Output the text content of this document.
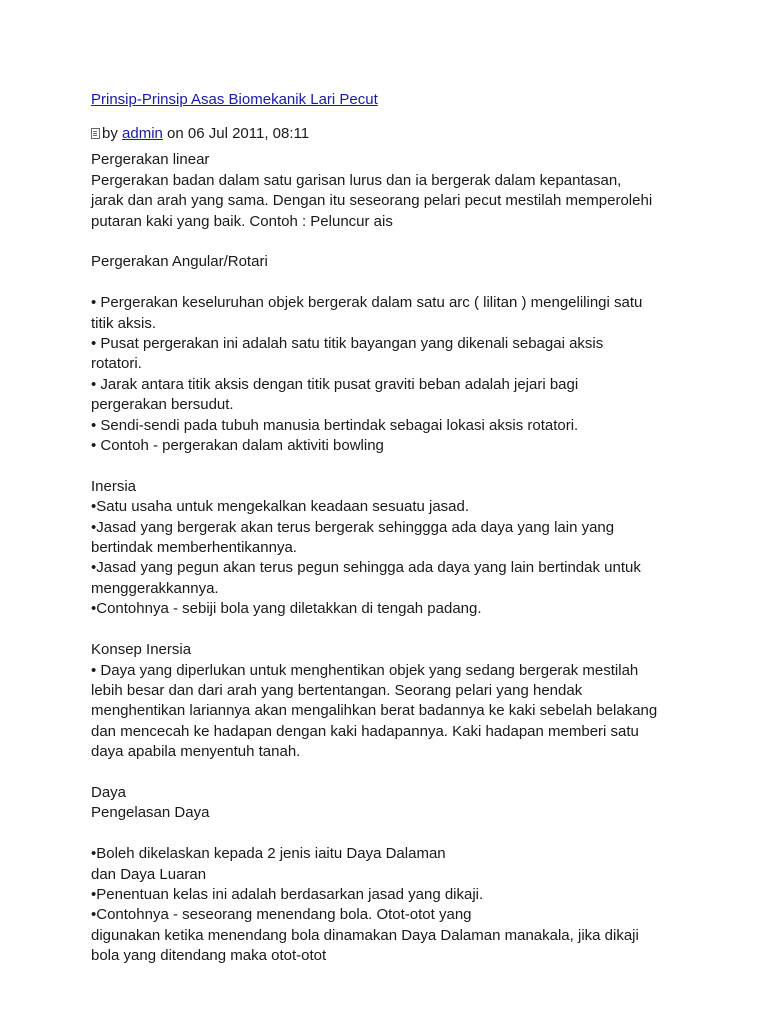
Prinsip-Prinsip Asas Biomekanik Lari Pecut
by admin on 06 Jul 2011, 08:11

Pergerakan linear

Pergerakan badan dalam satu garisan lurus dan ia bergerak dalam kepantasan,

jarak dan arah yang sama. Dengan itu seseorang pelari pecut mestilah memperolehi

putaran kaki yang baik. Contoh : Peluncur ais

Pergerakan Angular/Rotari

• Pergerakan keseluruhan objek bergerak dalam satu arc ( lilitan ) mengelilingi satu

titik aksis.

• Pusat pergerakan ini adalah satu titik bayangan yang dikenali sebagai aksis

rotatori.

• Jarak antara titik aksis dengan titik pusat graviti beban adalah jejari bagi

pergerakan bersudut.

• Sendi-sendi pada tubuh manusia bertindak sebagai lokasi aksis rotatori.

• Contoh - pergerakan dalam aktiviti bowling

Inersia

•Satu usaha untuk mengekalkan keadaan sesuatu jasad.

•Jasad yang bergerak akan terus bergerak sehinggga ada daya yang lain yang

bertindak memberhentikannya.

•Jasad yang pegun akan terus pegun sehingga ada daya yang lain bertindak untuk

menggerakkannya.

•Contohnya - sebiji bola yang diletakkan di tengah padang.

Konsep Inersia

• Daya yang diperlukan untuk menghentikan objek yang sedang bergerak mestilah

lebih besar dan dari arah yang bertentangan. Seorang pelari yang hendak

menghentikan lariannya akan mengalihkan berat badannya ke kaki sebelah belakang

dan mencecah ke hadapan dengan kaki hadapannya. Kaki hadapan memberi satu

daya apabila menyentuh tanah.

Daya

Pengelasan Daya

•Boleh dikelaskan kepada 2 jenis iaitu Daya Dalaman

dan Daya Luaran

•Penentuan kelas ini adalah berdasarkan jasad yang dikaji.

•Contohnya - seseorang menendang bola. Otot-otot yang

digunakan ketika menendang bola dinamakan Daya Dalaman manakala, jika dikaji

bola yang ditendang maka otot-otot
